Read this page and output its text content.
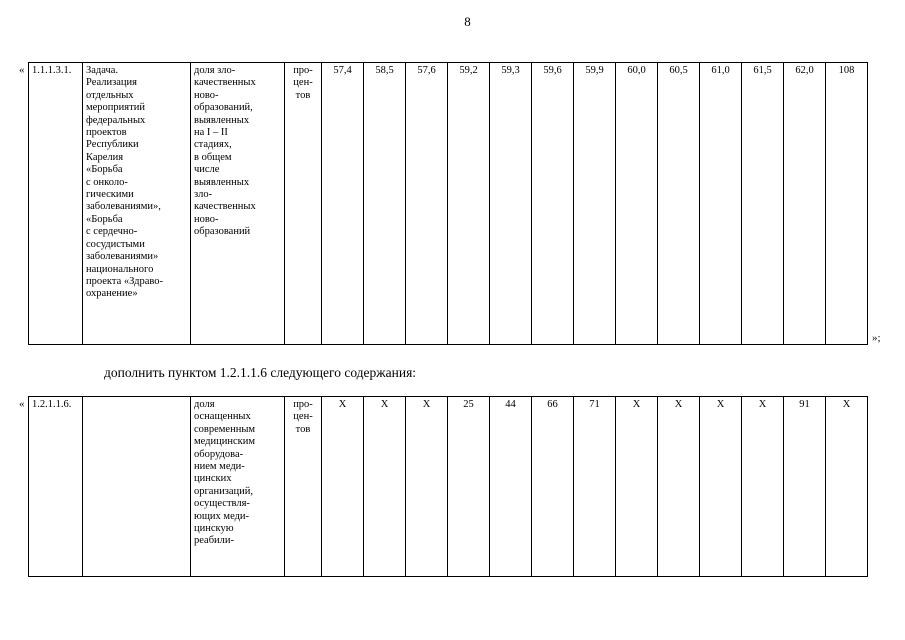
8
« 1.1.1.3.1.	Задача.
Реализация
отдельных
мероприятий
федеральных
проектов
Республики
Карелия
«Борьба
с онколо-
гическими
заболеваниями»,
«Борьба
с сердечно-
сосудистыми
заболеваниями»
национального
проекта «Здраво-
охранение»	доля зло-
качественных
ново-
образований,
выявленных
на I – II
стадиях,
в общем
числе
выявленных
зло-
качественных
ново-
образований	про-
цен-
тов	57,4	58,5	57,6	59,2	59,3	59,6	59,9	60,0	60,5	61,0	61,5	62,0	108
»;
дополнить пунктом 1.2.1.1.6 следующего содержания:
« 1.2.1.1.6.		доля
оснащенных
современным
медицинским
оборудова-
нием меди-
цинских
организаций,
осуществля-
ющих меди-
цинскую
реабили-	про-
цен-
тов	X	X	X	25	44	66	71	X	X	X	X	91	X
